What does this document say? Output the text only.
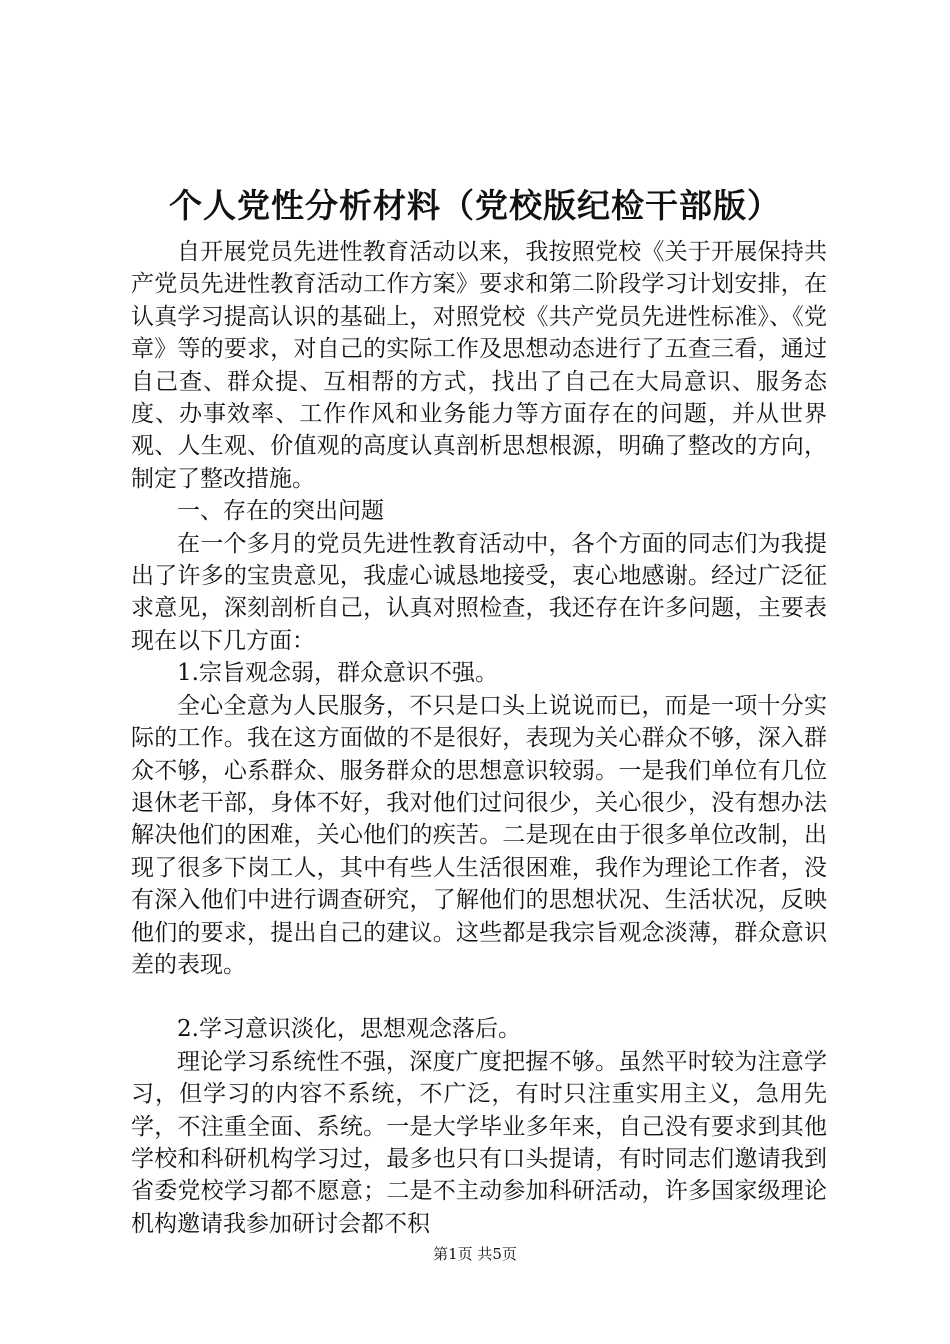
个人党性分析材料（党校版纪检干部版）

自开展党员先进性教育活动以来，我按照党校《关于开展保持共产党员先进性教育活动工作方案》要求和第二阶段学习计划安排，在认真学习提高认识的基础上，对照党校《共产党员先进性标准》、《党章》等的要求，对自己的实际工作及思想动态进行了五查三看，通过自己查、群众提、互相帮的方式，找出了自己在大局意识、服务态度、办事效率、工作作风和业务能力等方面存在的问题，并从世界观、人生观、价值观的高度认真剖析思想根源，明确了整改的方向，制定了整改措施。

一、存在的突出问题

在一个多月的党员先进性教育活动中，各个方面的同志们为我提出了许多的宝贵意见，我虚心诚恳地接受，衷心地感谢。经过广泛征求意见，深刻剖析自己，认真对照检查，我还存在许多问题，主要表现在以下几方面：

1.宗旨观念弱，群众意识不强。

全心全意为人民服务，不只是口头上说说而已，而是一项十分实际的工作。我在这方面做的不是很好，表现为关心群众不够，深入群众不够，心系群众、服务群众的思想意识较弱。一是我们单位有几位退休老干部，身体不好，我对他们过问很少，关心很少，没有想办法解决他们的困难，关心他们的疾苦。二是现在由于很多单位改制，出现了很多下岗工人，其中有些人生活很困难，我作为理论工作者，没有深入他们中进行调查研究，了解他们的思想状况、生活状况，反映他们的要求，提出自己的建议。这些都是我宗旨观念淡薄，群众意识差的表现。

2.学习意识淡化，思想观念落后。

理论学习系统性不强，深度广度把握不够。虽然平时较为注意学习，但学习的内容不系统，不广泛，有时只注重实用主义，急用先学，不注重全面、系统。一是大学毕业多年来，自己没有要求到其他学校和科研机构学习过，最多也只有口头提请，有时同志们邀请我到省委党校学习都不愿意；二是不主动参加科研活动，许多国家级理论机构邀请我参加研讨会都不积

第1页 共5页
